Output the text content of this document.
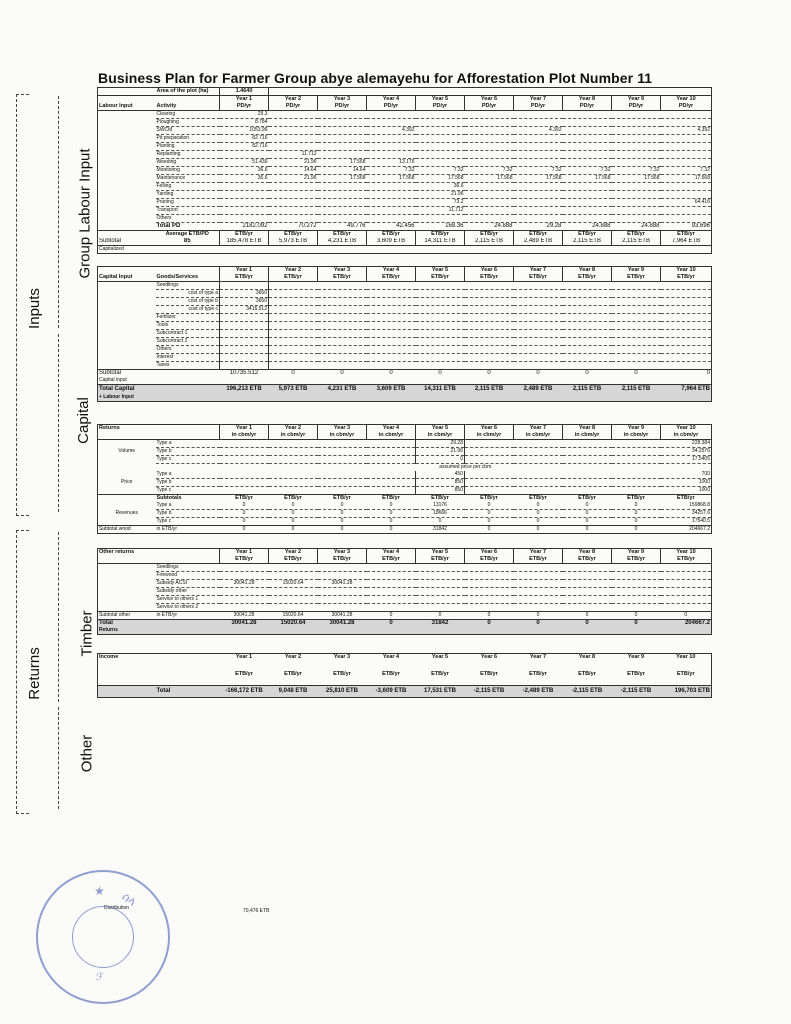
Business Plan for Farmer Group abye alemayehu for Afforestation Plot Number 11
Inputs
Returns
Group Labour Input
Capital
Timber
Other
	Area of the plot (ha)	1.4640									
		Year 1	Year 2	Year 3	Year 4	Year 5	Year 6	Year 7	Year 8	Year 9	Year 10
Labour Input	Activity	PD/yr	PD/yr	PD/yr	PD/yr	PD/yr	PD/yr	PD/yr	PD/yr	PD/yr	PD/yr
	Clearing	29.3									
	Ploughing	8.784									
	SWCM	1053.96			4.392			4.392			4.392
	Pit preparation	82.716									
	Planting	82.716									
	Replanting		11.712								
	Weeding	51.436	21.96	17.568	13.176						
	Monitoring	36.6	14.64	14.64	7.32	7.32	7.32	7.32	7.32	7.32	7.32
	Maintenance	36.6	21.96	17.568	17.568	17.568	17.568	17.568	17.568	17.568	17.568
	Felling					36.6					
	Yarding					21.96					
	Pruning					73.2					64.416
	Transport					11.712					
	Others										
	Total PD	2182.092	70.272	49.776	42.456	168.36	24.888	29.28	24.888	24.888	93.696
	Average ETB/PD	ETB/yr	ETB/yr	ETB/yr	ETB/yr	ETB/yr	ETB/yr	ETB/yr	ETB/yr	ETB/yr	ETB/yr
Subtotal	85	185,478 ETB	5,973 ETB	4,231 ETB	3,609 ETB	14,311 ETB	2,115 ETB	2,489 ETB	2,115 ETB	2,115 ETB	7,964 ETB
Capitalized											
		Year 1	Year 2	Year 3	Year 4	Year 5	Year 6	Year 7	Year 8	Year 9	Year 10
Capital Input	Goods/Services	ETB/yr	ETB/yr	ETB/yr	ETB/yr	ETB/yr	ETB/yr	ETB/yr	ETB/yr	ETB/yr	ETB/yr
	Seedlings										
	cost of type a	3660									
	cost of type b	3660									
	cost of type c	3415.512									
	Fertilizer										
	Tools										
	Subcontract 1										
	Subcontract 2										
	Others										
	Interest										
	Taxes										
Subtotal		10735.512	0	0	0	0	0	0	0	0	0
Capital input											
Total Capital		196,213 ETB	5,973 ETB	4,231 ETB	3,609 ETB	14,311 ETB	2,115 ETB	2,489 ETB	2,115 ETB	2,115 ETB	7,964 ETB
+ Labour Input											
Returns		Year 1	Year 2	Year 3	Year 4	Year 5	Year 6	Year 7	Year 8	Year 9	Year 10
		in cbm/yr	in cbm/yr	in cbm/yr	in cbm/yr	in cbm/yr	in cbm/yr	in cbm/yr	in cbm/yr	in cbm/yr	in cbm/yr
	Type a					29.28					228.384
Volume	Type b					21.96					34.2576
	Type c					0					17.5405
		assumed price per cbm									
	Type a					450					700
Price	Type b					850					1000
	Type c					850					1000
	Subtotals	ETB/yr	ETB/yr	ETB/yr	ETB/yr	ETB/yr	ETB/yr	ETB/yr	ETB/yr	ETB/yr	ETB/yr
	Type a	0	0	0	0	13176	0	0	0	0	159868.8
Revenues	Type b	0	0	0	0	18666	0	0	0	0	34257.6
	Type c	0	0	0	0	0	0	0	0	0	17540.5
Subtotal wood	in ETB/yr	0	0	0	0	31842	0	0	0	0	204667.2
Other returns		Year 1	Year 2	Year 3	Year 4	Year 5	Year 6	Year 7	Year 8	Year 9	Year 10
		ETB/yr	ETB/yr	ETB/yr	ETB/yr	ETB/yr	ETB/yr	ETB/yr	ETB/yr	ETB/yr	ETB/yr
	Seedlings										
	Firewood										
	Subsidy ACSI	30041.28	15020.64	30041.28							
	Subsidy other										
	Service to others 1										
	Service to others 2										
Subtotal other	in ETB/yr	30041.28	15020.64	30041.28	0	0	0	0	0	0	0
Total		30041.28	15020.64	30041.28	0	31842	0	0	0	0	204667.2
Returns											
Income		Year 1	Year 2	Year 3	Year 4	Year 5	Year 6	Year 7	Year 8	Year 9	Year 10

		ETB/yr	ETB/yr	ETB/yr	ETB/yr	ETB/yr	ETB/yr	ETB/yr	ETB/yr	ETB/yr	ETB/yr

	Total	-166,172 ETB	9,048 ETB	25,810 ETB	-3,609 ETB	17,531 ETB	-2,115 ETB	-2,489 ETB	-2,115 ETB	-2,115 ETB	196,703 ETB
Distribution	70,476 ETB
★ ሰላ
ℱ
